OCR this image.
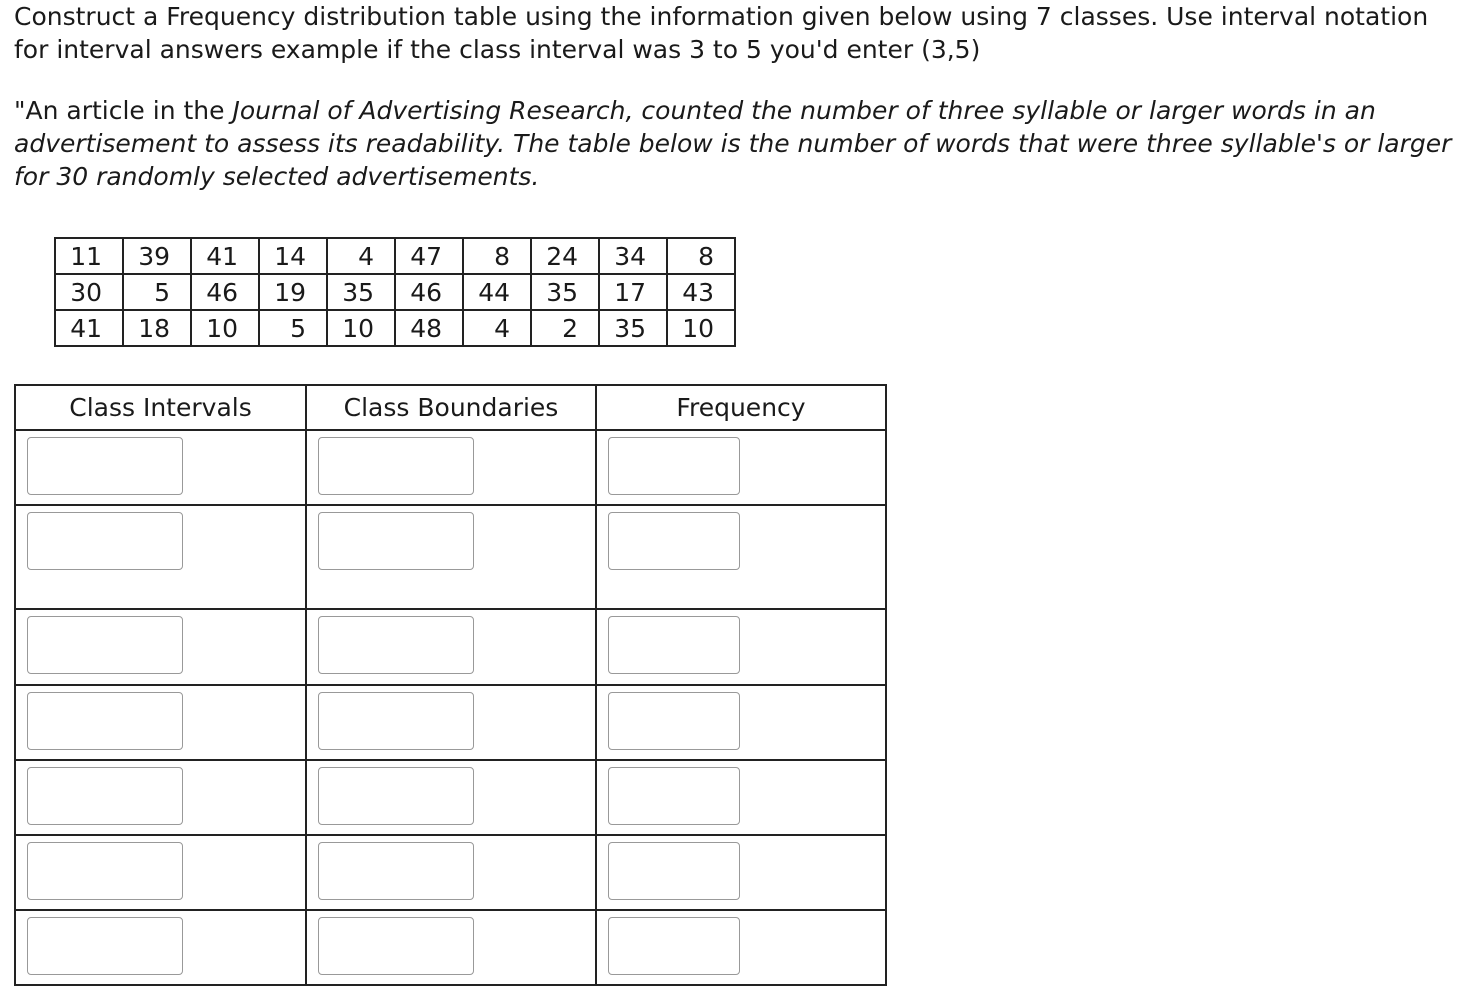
Construct a Frequency distribution table using the information given below using 7 classes. Use interval notation for interval answers example if the class interval was 3 to 5 you'd enter (3,5)

"An article in the Journal of Advertising Research, counted the number of three syllable or larger words in an advertisement to assess its readability. The table below is the number of words that were three syllable's or larger for 30 randomly selected advertisements.

11	39	41	14	4	47	8	24	34	8
30	5	46	19	35	46	44	35	17	43
41	18	10	5	10	48	4	2	35	10
Class Intervals	Class Boundaries	Frequency
